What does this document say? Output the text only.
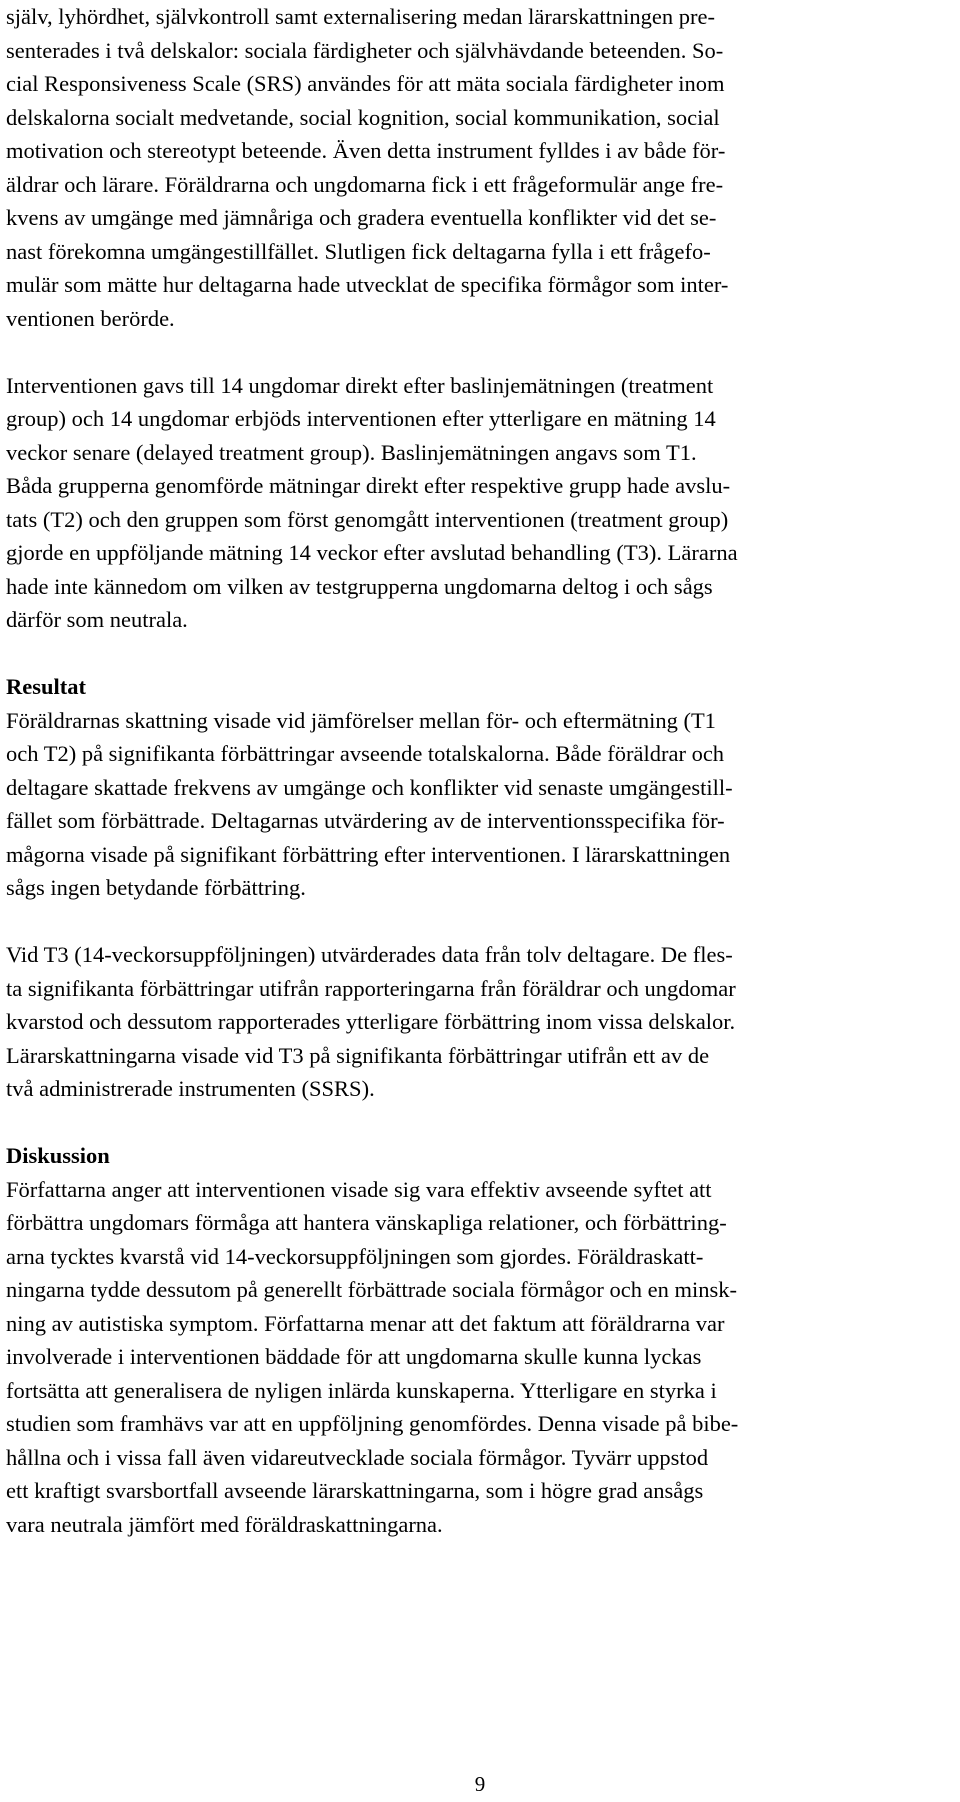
själv, lyhördhet, självkontroll samt externalisering medan lärarskattningen pre-
senterades i två delskalor: sociala färdigheter och självhävdande beteenden. So-
cial Responsiveness Scale (SRS) användes för att mäta sociala färdigheter inom
delskalorna socialt medvetande, social kognition, social kommunikation, social
motivation och stereotypt beteende. Även detta instrument fylldes i av både för-
äldrar och lärare. Föräldrarna och ungdomarna fick i ett frågeformulär ange fre-
kvens av umgänge med jämnåriga och gradera eventuella konflikter vid det se-
nast förekomna umgängestillfället. Slutligen fick deltagarna fylla i ett frågefo-
mulär som mätte hur deltagarna hade utvecklat de specifika förmågor som inter-
ventionen berörde.
Interventionen gavs till 14 ungdomar direkt efter baslinjemätningen (treatment
group) och 14 ungdomar erbjöds interventionen efter ytterligare en mätning 14
veckor senare (delayed treatment group). Baslinjemätningen angavs som T1.
Båda grupperna genomförde mätningar direkt efter respektive grupp hade avslu-
tats (T2) och den gruppen som först genomgått interventionen (treatment group)
gjorde en uppföljande mätning 14 veckor efter avslutad behandling (T3). Lärarna
hade inte kännedom om vilken av testgrupperna ungdomarna deltog i och sågs
därför som neutrala.
Resultat
Föräldrarnas skattning visade vid jämförelser mellan för- och eftermätning (T1
och T2) på signifikanta förbättringar avseende totalskalorna. Både föräldrar och
deltagare skattade frekvens av umgänge och konflikter vid senaste umgängestill-
fället som förbättrade. Deltagarnas utvärdering av de interventionsspecifika för-
mågorna visade på signifikant förbättring efter interventionen. I lärarskattningen
sågs ingen betydande förbättring.
Vid T3 (14-veckorsuppföljningen) utvärderades data från tolv deltagare. De fles-
ta signifikanta förbättringar utifrån rapporteringarna från föräldrar och ungdomar
kvarstod och dessutom rapporterades ytterligare förbättring inom vissa delskalor.
Lärarskattningarna visade vid T3 på signifikanta förbättringar utifrån ett av de
två administrerade instrumenten (SSRS).
Diskussion
Författarna anger att interventionen visade sig vara effektiv avseende syftet att
förbättra ungdomars förmåga att hantera vänskapliga relationer, och förbättring-
arna tycktes kvarstå vid 14-veckorsuppföljningen som gjordes. Föräldraskatt-
ningarna tydde dessutom på generellt förbättrade sociala förmågor och en minsk-
ning av autistiska symptom. Författarna menar att det faktum att föräldrarna var
involverade i interventionen bäddade för att ungdomarna skulle kunna lyckas
fortsätta att generalisera de nyligen inlärda kunskaperna. Ytterligare en styrka i
studien som framhävs var att en uppföljning genomfördes. Denna visade på bibe-
hållna och i vissa fall även vidareutvecklade sociala förmågor. Tyvärr uppstod
ett kraftigt svarsbortfall avseende lärarskattningarna, som i högre grad ansågs
vara neutrala jämfört med föräldraskattningarna.
9
